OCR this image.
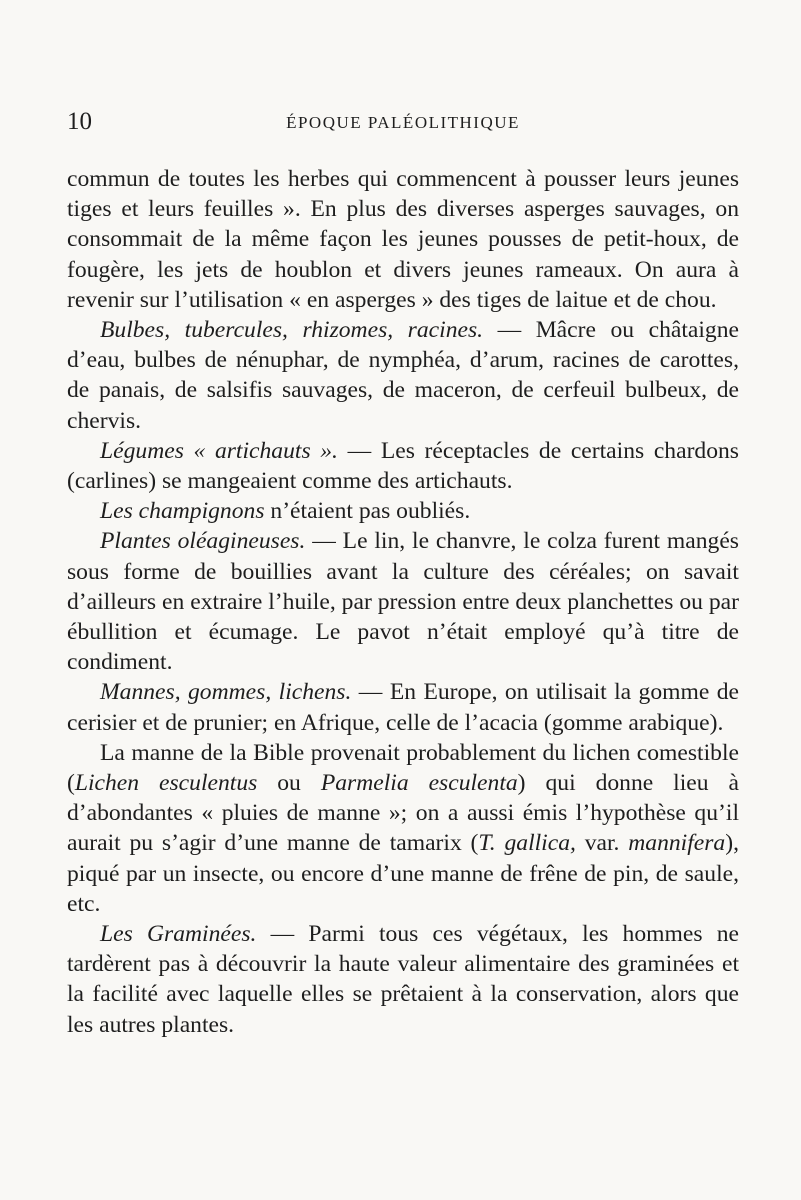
10	ÉPOQUE PALÉOLITHIQUE

commun de toutes les herbes qui commencent à pousser leurs jeunes tiges et leurs feuilles ». En plus des diverses asperges sauvages, on consommait de la même façon les jeunes pousses de petit-houx, de fougère, les jets de houblon et divers jeunes rameaux. On aura à revenir sur l’utilisation « en asperges » des tiges de laitue et de chou.

Bulbes, tubercules, rhizomes, racines. — Mâcre ou châtaigne d’eau, bulbes de nénuphar, de nymphéa, d’arum, racines de carottes, de panais, de salsifis sauvages, de maceron, de cerfeuil bulbeux, de chervis.

Légumes « artichauts ». — Les réceptacles de certains chardons (carlines) se mangeaient comme des artichauts.

Les champignons n’étaient pas oubliés.

Plantes oléagineuses. — Le lin, le chanvre, le colza furent mangés sous forme de bouillies avant la culture des céréales; on savait d’ailleurs en extraire l’huile, par pression entre deux planchettes ou par ébullition et écumage. Le pavot n’était employé qu’à titre de condiment.

Mannes, gommes, lichens. — En Europe, on utilisait la gomme de cerisier et de prunier; en Afrique, celle de l’acacia (gomme arabique).

La manne de la Bible provenait probablement du lichen comestible (Lichen esculentus ou Parmelia esculenta) qui donne lieu à d’abondantes « pluies de manne »; on a aussi émis l’hypothèse qu’il aurait pu s’agir d’une manne de tamarix (T. gallica, var. mannifera), piqué par un insecte, ou encore d’une manne de frêne de pin, de saule, etc.

Les Graminées. — Parmi tous ces végétaux, les hommes ne tardèrent pas à découvrir la haute valeur alimentaire des graminées et la facilité avec laquelle elles se prêtaient à la conservation, alors que les autres plantes.
